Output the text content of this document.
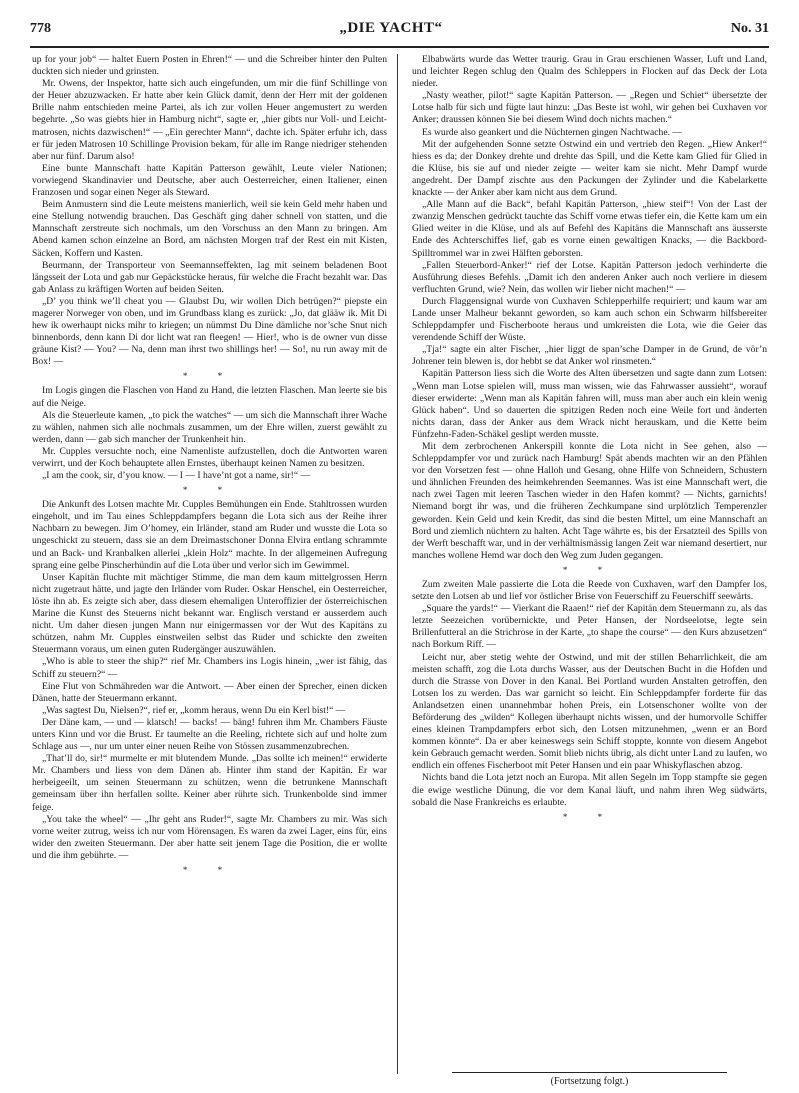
778	„DIE YACHT“	No. 31

up for your job“ — haltet Euern Posten in Ehren!“ — und die Schreiber hinter den Pulten duckten sich nieder und grinsten.

Mr. Owens, der Inspektor, hatte sich auch eingefunden, um mir die fünf Schillinge von der Heuer abzuzwacken. Er hatte aber kein Glück damit, denn der Herr mit der goldenen Brille nahm entschieden meine Partei, als ich zur vollen Heuer angemustert zu werden begehrte. „So was giebts hier in Hamburg nicht“, sagte er, „hier gibts nur Voll- und Leicht-matrosen, nichts dazwischen!“ — „Ein gerechter Mann“, dachte ich. Später erfuhr ich, dass er für jeden Matrosen 10 Schillinge Provision bekam, für alle im Range niedriger stehenden aber nur fünf. Darum also!

Eine bunte Mannschaft hatte Kapitän Patterson gewählt, Leute vieler Nationen; vorwiegend Skandinavier und Deutsche, aber auch Oesterreicher, einen Italiener, einen Franzosen und sogar einen Neger als Steward.

Beim Anmustern sind die Leute meistens manierlich, weil sie kein Geld mehr haben und eine Stellung notwendig brauchen. Das Geschäft ging daher schnell von statten, und die Mannschaft zerstreute sich nochmals, um den Vorschuss an den Mann zu bringen. Am Abend kamen schon einzelne an Bord, am nächsten Morgen traf der Rest ein mit Kisten, Säcken, Koffern und Kasten.

Beurmann, der Transporteur von Seemannseffekten, lag mit seinem beladenen Boot längsseit der Lota und gab nur Gepäckstücke heraus, für welche die Fracht bezahlt war. Das gab Anlass zu kräftigen Worten auf beiden Seiten.

„D’ you think we’ll cheat you — Glaubst Du, wir wollen Dich betrügen?“ piepste ein magerer Norweger von oben, und im Grundbass klang es zurück: „Jo, dat glääw ik. Mit Di hew ik owerhaupt nicks mihr to kriegen; un nümmst Du Dine dämliche nor’sche Snut nich binnenbords, denn kann Di dor licht wat ran fleegen! — Hier!, who is de owner vun disse gräune Kist? — You? — Na, denn man ihrst two shillings her! — So!, nu run away mit de Box! —

* *

Im Logis gingen die Flaschen von Hand zu Hand, die letzten Flaschen. Man leerte sie bis auf die Neige.

Als die Steuerleute kamen, „to pick the watches“ — um sich die Mannschaft ihrer Wache zu wählen, nahmen sich alle nochmals zusammen, um der Ehre willen, zuerst gewählt zu werden, dann — gab sich mancher der Trunkenheit hin.

Mr. Cupples versuchte noch, eine Namenliste aufzustellen, doch die Antworten waren verwirrt, und der Koch behauptete allen Ernstes, überhaupt keinen Namen zu besitzen.

„I am the cook, sir, d’you know. — I — I have’nt got a name, sir!“ —

* *

Die Ankunft des Lotsen machte Mr. Cupples Bemühungen ein Ende. Stahltrossen wurden eingeholt, und im Tau eines Schleppdampfers begann die Lota sich aus der Reihe ihrer Nachbarn zu bewegen. Jim O’homey, ein Irländer, stand am Ruder und wusste die Lota so ungeschickt zu steuern, dass sie an dem Dreimastschoner Donna Elvira entlang schrammte und an Back- und Kranbalken allerlei „klein Holz“ machte. In der allgemeinen Aufregung sprang eine gelbe Pinscherhündin auf die Lota über und verlor sich im Gewimmel.

Unser Kapitän fluchte mit mächtiger Stimme, die man dem kaum mittelgrossen Herrn nicht zugetraut hätte, und jagte den Irländer vom Ruder. Oskar Henschel, ein Oesterreicher, löste ihn ab. Es zeigte sich aber, dass diesem ehemaligen Unteroffizier der österreichischen Marine die Kunst des Steuerns nicht bekannt war. Englisch verstand er ausserdem auch nicht. Um daher diesen jungen Mann nur einigermassen vor der Wut des Kapitäns zu schützen, nahm Mr. Cupples einstweilen selbst das Ruder und schickte den zweiten Steuermann voraus, um einen guten Rudergänger auszuwählen.

„Who is able to steer the ship?“ rief Mr. Chambers ins Logis hinein, „wer ist fähig, das Schiff zu steuern?“ —

Eine Flut von Schmähreden war die Antwort. — Aber einen der Sprecher, einen dicken Dänen, hatte der Steuermann erkannt.

„Was sagtest Du, Nielsen?“, rief er, „komm heraus, wenn Du ein Kerl bist!“ —

Der Däne kam, — und — klatsch! — backs! — bäng! fuhren ihm Mr. Chambers Fäuste unters Kinn und vor die Brust. Er taumelte an die Reeling, richtete sich auf und holte zum Schlage aus —, nur um unter einer neuen Reihe von Stössen zusammenzubrechen.

„That’ll do, sir!“ murmelte er mit blutendem Munde. „Das sollte ich meinen!“ erwiderte Mr. Chambers und liess von dem Dänen ab. Hinter ihm stand der Kapitän. Er war herbeigeeilt, um seinen Steuermann zu schützen, wenn die betrunkene Mannschaft gemeinsam über ihn herfallen sollte. Keiner aber rührte sich. Trunkenbolde sind immer feige.

„You take the wheel“ — „Ihr geht ans Ruder!“, sagte Mr. Chambers zu mir. Was sich vorne weiter zutrug, weiss ich nur vom Hörensagen. Es waren da zwei Lager, eins für, eins wider den zweiten Steuermann. Der aber hatte seit jenem Tage die Position, die er wollte und die ihm gebührte. —

* *

Elbabwärts wurde das Wetter traurig. Grau in Grau erschienen Wasser, Luft und Land, und leichter Regen schlug den Qualm des Schleppers in Flocken auf das Deck der Lota nieder.

„Nasty weather, pilot!“ sagte Kapitän Patterson. — „Regen und Schiet“ übersetzte der Lotse halb für sich und fügte laut hinzu: „Das Beste ist wohl, wir gehen bei Cuxhaven vor Anker; draussen können Sie bei diesem Wind doch nichts machen.“

Es wurde also geankert und die Nüchternen gingen Nachtwache. —

Mit der aufgehenden Sonne setzte Ostwind ein und vertrieb den Regen. „Hiew Anker!“ hiess es da; der Donkey drehte und drehte das Spill, und die Kette kam Glied für Glied in die Klüse, bis sie auf und nieder zeigte — weiter kam sie nicht. Mehr Dampf wurde angedreht. Der Dampf zischte aus den Packungen der Zylinder und die Kabelarkette knackte — der Anker aber kam nicht aus dem Grund.

„Alle Mann auf die Back“, befahl Kapitän Patterson, „hiew steif“! Von der Last der zwanzig Menschen gedrückt tauchte das Schiff vorne etwas tiefer ein, die Kette kam um ein Glied weiter in die Klüse, und als auf Befehl des Kapitäns die Mannschaft ans äusserste Ende des Achterschiffes lief, gab es vorne einen gewaltigen Knacks, — die Backbord-Spilltrommel war in zwei Hälften geborsten.

„Fallen Steuerbord-Anker!“ rief der Lotse. Kapitän Patterson jedoch verhinderte die Ausführung dieses Befehls. „Damit ich den anderen Anker auch noch verliere in diesem verfluchten Grund, wie? Nein, das wollen wir lieber nicht machen!“ —

Durch Flaggensignal wurde von Cuxhaven Schlepperhilfe requiriert; und kaum war am Lande unser Malheur bekannt geworden, so kam auch schon ein Schwarm hilfsbereiter Schleppdampfer und Fischerboote heraus und umkreisten die Lota, wie die Geier das verendende Schiff der Wüste.

„Tja!“ sagte ein alter Fischer, „hier liggt de span’sche Damper in de Grund, de vör’n Johrener tein blewen is, dor hebbt se dat Anker wol rinsmeten.“

Kapitän Patterson liess sich die Worte des Alten übersetzen und sagte dann zum Lotsen: „Wenn man Lotse spielen will, muss man wissen, wie das Fahrwasser aussieht“, worauf dieser erwiderte: „Wenn man als Kapitän fahren will, muss man aber auch ein klein wenig Glück haben“. Und so dauerten die spitzigen Reden noch eine Weile fort und änderten nichts daran, dass der Anker aus dem Wrack nicht herauskam, und die Kette beim Fünfzehn-Faden-Schäkel geslipt werden musste.

Mit dem zerbrochenen Ankerspill konnte die Lota nicht in See gehen, also — Schleppdampfer vor und zurück nach Hamburg! Spät abends machten wir an den Pfählen vor den Vorsetzen fest — ohne Halloh und Gesang, ohne Hilfe von Schneidern, Schustern und ähnlichen Freunden des heimkehrenden Seemannes. Was ist eine Mannschaft wert, die nach zwei Tagen mit leeren Taschen wieder in den Hafen kommt? — Nichts, garnichts! Niemand borgt ihr was, und die früheren Zechkumpane sind urplötzlich Temperenzler geworden. Kein Geld und kein Kredit, das sind die besten Mittel, um eine Mannschaft an Bord und ziemlich nüchtern zu halten. Acht Tage währte es, bis der Ersatzteil des Spills von der Werft beschafft war, und in der verhältnismässig langen Zeit war niemand desertiert, nur manches wollene Hemd war doch den Weg zum Juden gegangen.

* *

Zum zweiten Male passierte die Lota die Reede von Cuxhaven, warf den Dampfer los, setzte den Lotsen ab und lief vor östlicher Brise von Feuerschiff zu Feuerschiff seewärts.

„Square the yards!“ — Vierkant die Raaen!“ rief der Kapitän dem Steuermann zu, als das letzte Seezeichen vorübernickte, und Peter Hansen, der Nordseelotse, legte sein Brillenfutteral an die Strichrose in der Karte, „to shape the course“ — den Kurs abzusetzen“ nach Borkum Riff. —

Leicht nur, aber stetig wehte der Ostwind, und mit der stillen Beharrlichkeit, die am meisten schafft, zog die Lota durchs Wasser, aus der Deutschen Bucht in die Hofden und durch die Strasse von Dover in den Kanal. Bei Portland wurden Anstalten getroffen, den Lotsen los zu werden. Das war garnicht so leicht. Ein Schleppdampfer forderte für das Anlandsetzen einen unannehmbar hohen Preis, ein Lotsenschoner wollte von der Beförderung des „wilden“ Kollegen überhaupt nichts wissen, und der humorvolle Schiffer eines kleinen Trampdampfers erbot sich, den Lotsen mitzunehmen, „wenn er an Bord kommen könnte“. Da er aber keineswegs sein Schiff stoppte, konnte von diesem Angebot kein Gebrauch gemacht werden. Somit blieb nichts übrig, als dicht unter Land zu laufen, wo endlich ein offenes Fischerboot mit Peter Hansen und ein paar Whiskyflaschen abzog.

Nichts band die Lota jetzt noch an Europa. Mit allen Segeln im Topp stampfte sie gegen die ewige westliche Dünung, die vor dem Kanal läuft, und nahm ihren Weg südwärts, sobald die Nase Frankreichs es erlaubte.

* *
(Fortsetzung folgt.)
